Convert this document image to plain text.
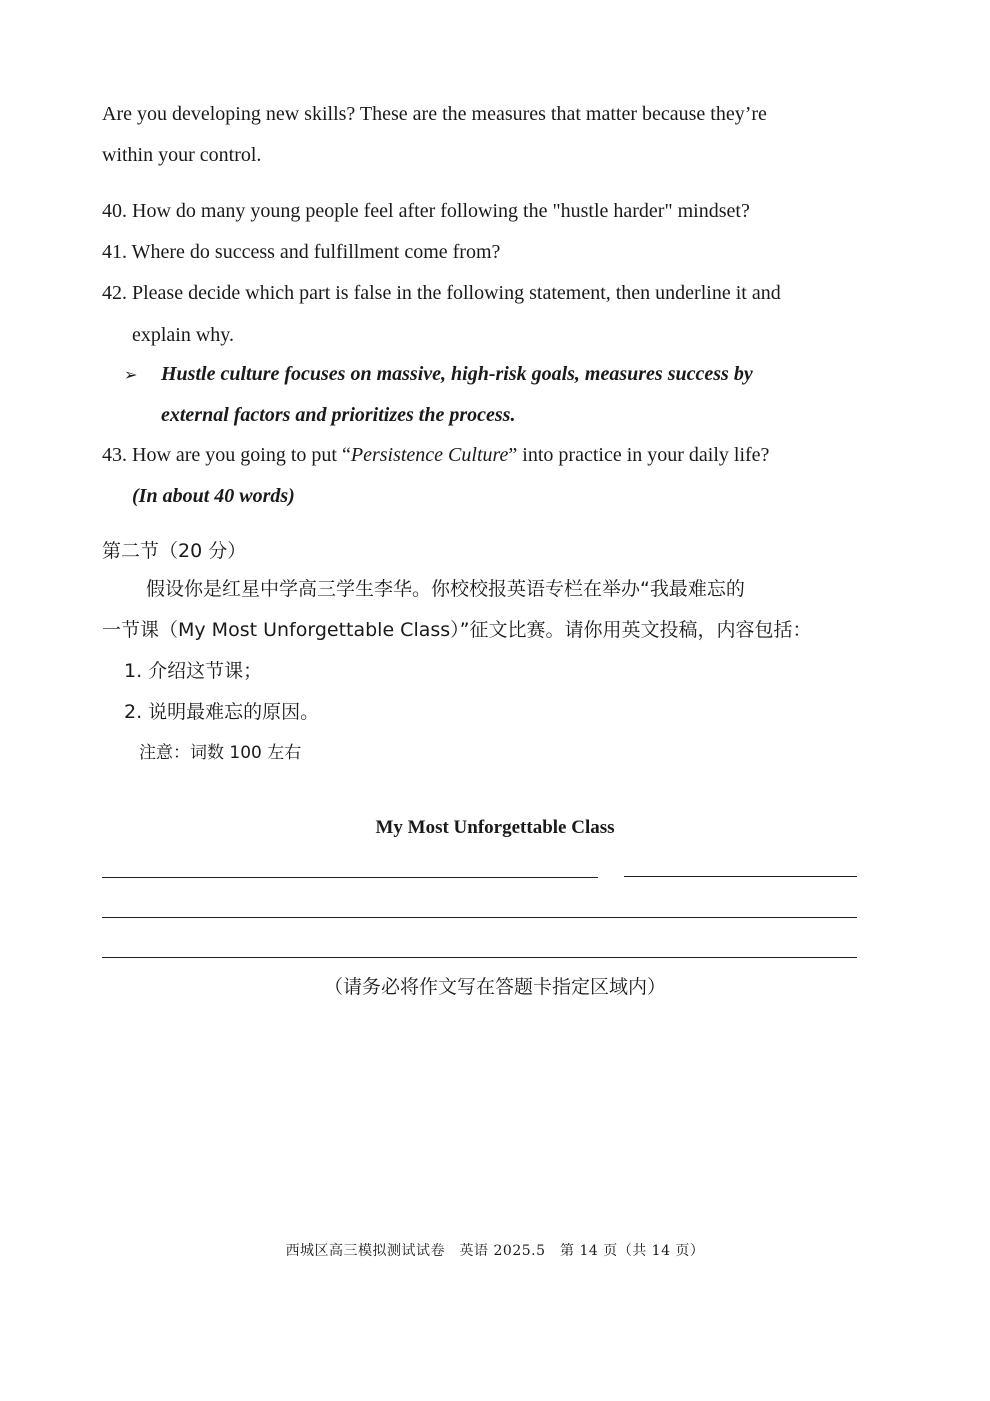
Are you developing new skills? These are the measures that matter because they’re
within your control.
40. How do many young people feel after following the "hustle harder" mindset?
41. Where do success and fulfillment come from?
42. Please decide which part is false in the following statement, then underline it and
explain why.
➢ Hustle culture focuses on massive, high-risk goals, measures success by
external factors and prioritizes the process.
43. How are you going to put “Persistence Culture” into practice in your daily life?
(In about 40 words)
第二节（20 分）
假设你是红星中学高三学生李华。你校校报英语专栏在举办“我最难忘的
一节课（My Most Unforgettable Class）”征文比赛。请你用英文投稿，内容包括：
1. 介绍这节课；
2. 说明最难忘的原因。
注意：词数 100 左右
My Most Unforgettable Class
（请务必将作文写在答题卡指定区域内）
西城区高三模拟测试试卷　英语 2025.5　第 14 页（共 14 页）
